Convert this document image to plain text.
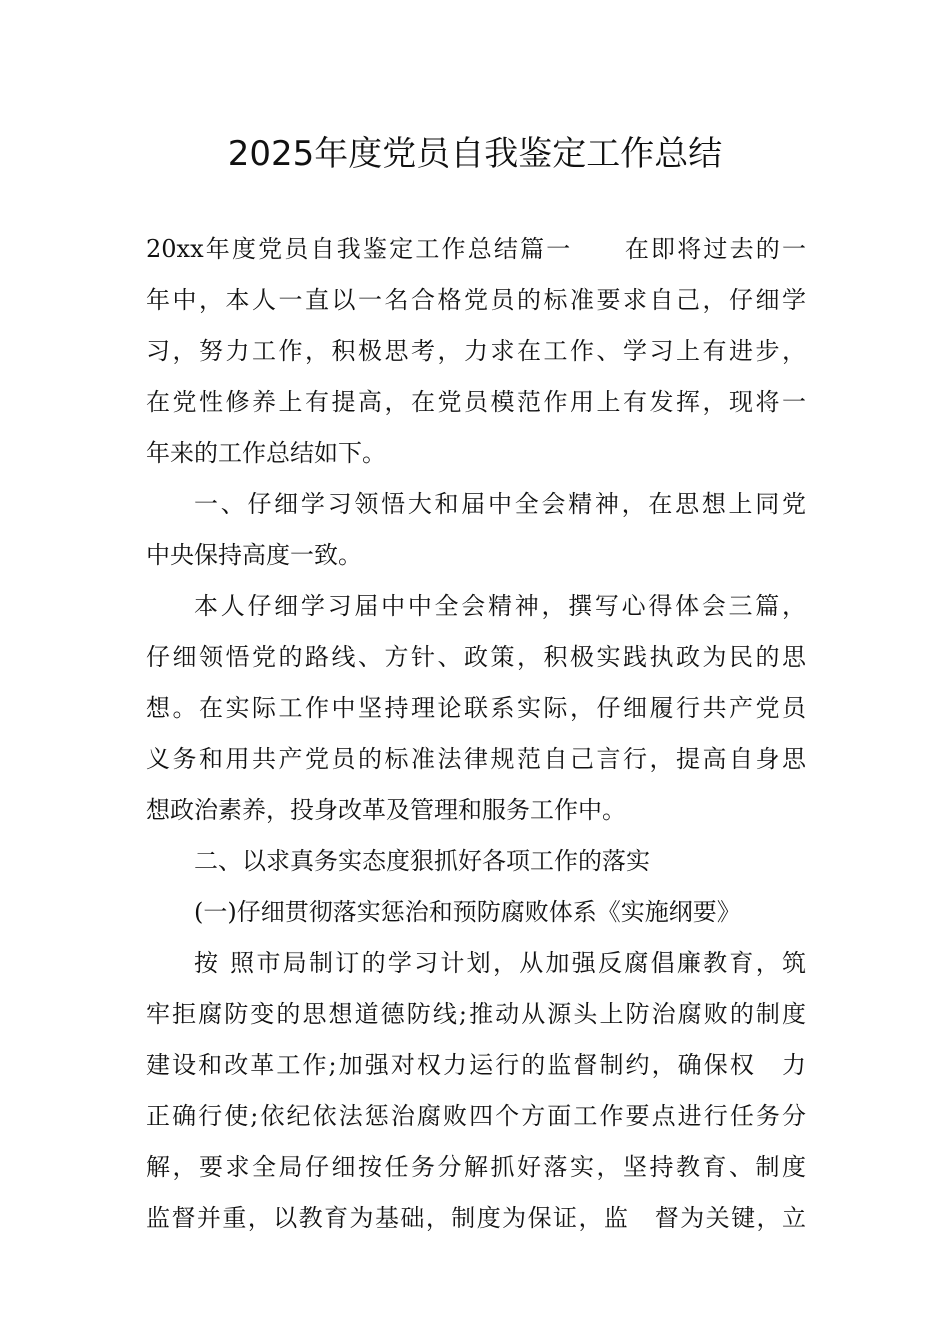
2025年度党员自我鉴定工作总结
20xx年度党员自我鉴定工作总结篇一　　在即将过去的一
年中，本人一直以一名合格党员的标准要求自己，仔细学
习，努力工作，积极思考，力求在工作、学习上有进步，
在党性修养上有提高，在党员模范作用上有发挥，现将一
年来的工作总结如下。
一、仔细学习领悟大和届中全会精神，在思想上同党
中央保持高度一致。
本人仔细学习届中中全会精神，撰写心得体会三篇，
仔细领悟党的路线、方针、政策，积极实践执政为民的思
想。在实际工作中坚持理论联系实际，仔细履行共产党员
义务和用共产党员的标准法律规范自己言行，提高自身思
想政治素养，投身改革及管理和服务工作中。
二、以求真务实态度狠抓好各项工作的落实
(一)仔细贯彻落实惩治和预防腐败体系《实施纲要》
按 照市局制订的学习计划，从加强反腐倡廉教育，筑
牢拒腐防变的思想道德防线;推动从源头上防治腐败的制度
建设和改革工作;加强对权力运行的监督制约，确保权　力
正确行使;依纪依法惩治腐败四个方面工作要点进行任务分
解，要求全局仔细按任务分解抓好落实，坚持教育、制度
监督并重，以教育为基础，制度为保证，监　督为关键，立
